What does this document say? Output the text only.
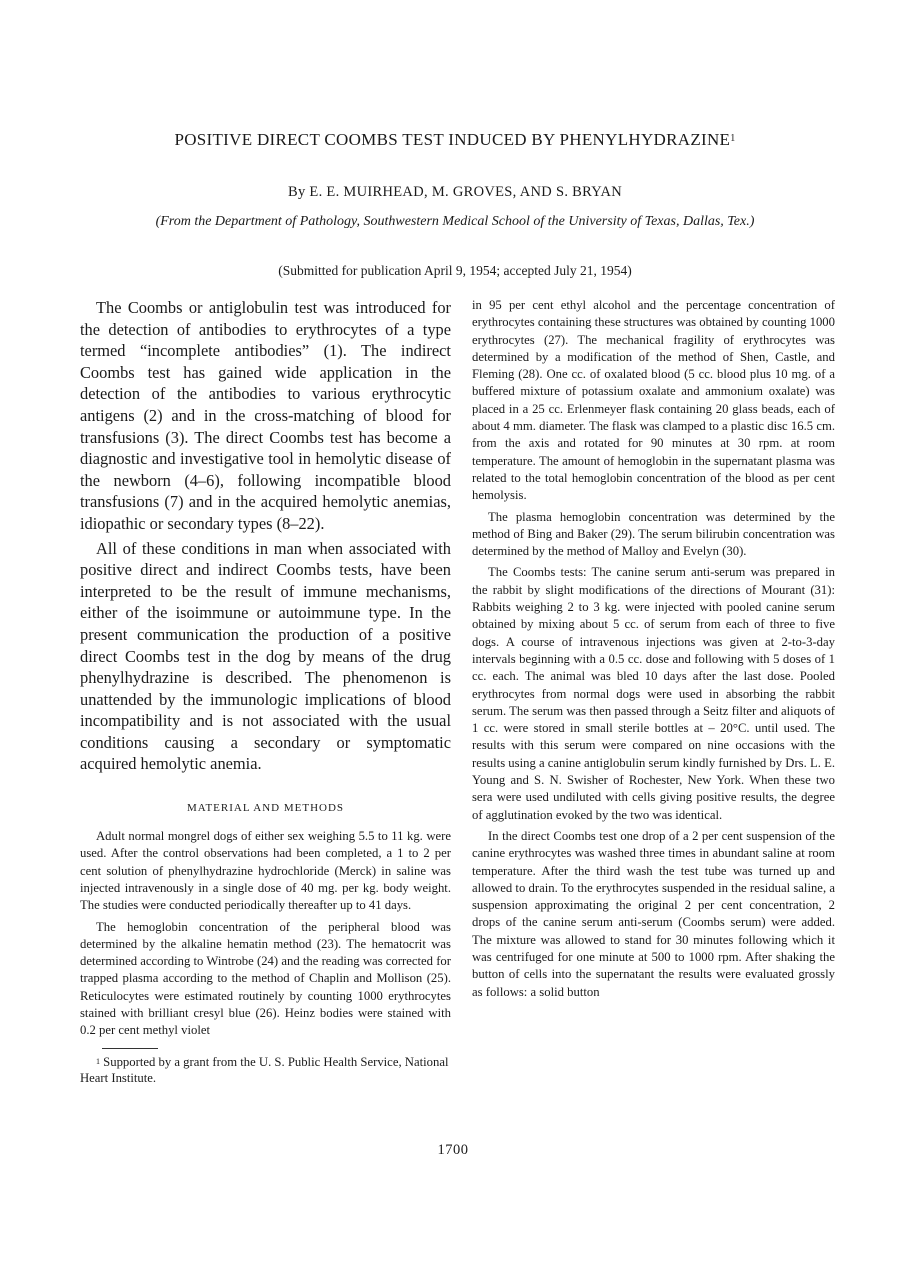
POSITIVE DIRECT COOMBS TEST INDUCED BY PHENYLHYDRAZINE$^1$
By E. E. MUIRHEAD, M. GROVES, AND S. BRYAN
(From the Department of Pathology, Southwestern Medical School of the University of Texas, Dallas, Tex.)
(Submitted for publication April 9, 1954; accepted July 21, 1954)

The Coombs or antiglobulin test was introduced for the detection of antibodies to erythrocytes of a type termed “incomplete antibodies” (1). The indirect Coombs test has gained wide application in the detection of the antibodies to various erythrocytic antigens (2) and in the cross-matching of blood for transfusions (3). The direct Coombs test has become a diagnostic and investigative tool in hemolytic disease of the newborn (4–6), following incompatible blood transfusions (7) and in the acquired hemolytic anemias, idiopathic or secondary types (8–22).

All of these conditions in man when associated with positive direct and indirect Coombs tests, have been interpreted to be the result of immune mechanisms, either of the isoimmune or autoimmune type. In the present communication the production of a positive direct Coombs test in the dog by means of the drug phenylhydrazine is described. The phenomenon is unattended by the immunologic implications of blood incompatibility and is not associated with the usual conditions causing a secondary or symptomatic acquired hemolytic anemia.

MATERIAL AND METHODS

Adult normal mongrel dogs of either sex weighing 5.5 to 11 kg. were used. After the control observations had been completed, a 1 to 2 per cent solution of phenylhydrazine hydrochloride (Merck) in saline was injected intravenously in a single dose of 40 mg. per kg. body weight. The studies were conducted periodically thereafter up to 41 days.

The hemoglobin concentration of the peripheral blood was determined by the alkaline hematin method (23). The hematocrit was determined according to Wintrobe (24) and the reading was corrected for trapped plasma according to the method of Chaplin and Mollison (25). Reticulocytes were estimated routinely by counting 1000 erythrocytes stained with brilliant cresyl blue (26). Heinz bodies were stained with 0.2 per cent methyl violet

$^1$ Supported by a grant from the U. S. Public Health Service, National Heart Institute.

in 95 per cent ethyl alcohol and the percentage concentration of erythrocytes containing these structures was obtained by counting 1000 erythrocytes (27). The mechanical fragility of erythrocytes was determined by a modification of the method of Shen, Castle, and Fleming (28). One cc. of oxalated blood (5 cc. blood plus 10 mg. of a buffered mixture of potassium oxalate and ammonium oxalate) was placed in a 25 cc. Erlenmeyer flask containing 20 glass beads, each of about 4 mm. diameter. The flask was clamped to a plastic disc 16.5 cm. from the axis and rotated for 90 minutes at 30 rpm. at room temperature. The amount of hemoglobin in the supernatant plasma was related to the total hemoglobin concentration of the blood as per cent hemolysis.

The plasma hemoglobin concentration was determined by the method of Bing and Baker (29). The serum bilirubin concentration was determined by the method of Malloy and Evelyn (30).

The Coombs tests: The canine serum anti-serum was prepared in the rabbit by slight modifications of the directions of Mourant (31): Rabbits weighing 2 to 3 kg. were injected with pooled canine serum obtained by mixing about 5 cc. of serum from each of three to five dogs. A course of intravenous injections was given at 2-to-3-day intervals beginning with a 0.5 cc. dose and following with 5 doses of 1 cc. each. The animal was bled 10 days after the last dose. Pooled erythrocytes from normal dogs were used in absorbing the rabbit serum. The serum was then passed through a Seitz filter and aliquots of 1 cc. were stored in small sterile bottles at – 20°C. until used. The results with this serum were compared on nine occasions with the results using a canine antiglobulin serum kindly furnished by Drs. L. E. Young and S. N. Swisher of Rochester, New York. When these two sera were used undiluted with cells giving positive results, the degree of agglutination evoked by the two was identical.

In the direct Coombs test one drop of a 2 per cent suspension of the canine erythrocytes was washed three times in abundant saline at room temperature. After the third wash the test tube was turned up and allowed to drain. To the erythrocytes suspended in the residual saline, a suspension approximating the original 2 per cent concentration, 2 drops of the canine serum anti-serum (Coombs serum) were added. The mixture was allowed to stand for 30 minutes following which it was centrifuged for one minute at 500 to 1000 rpm. After shaking the button of cells into the supernatant the results were evaluated grossly as follows: a solid button

1700
